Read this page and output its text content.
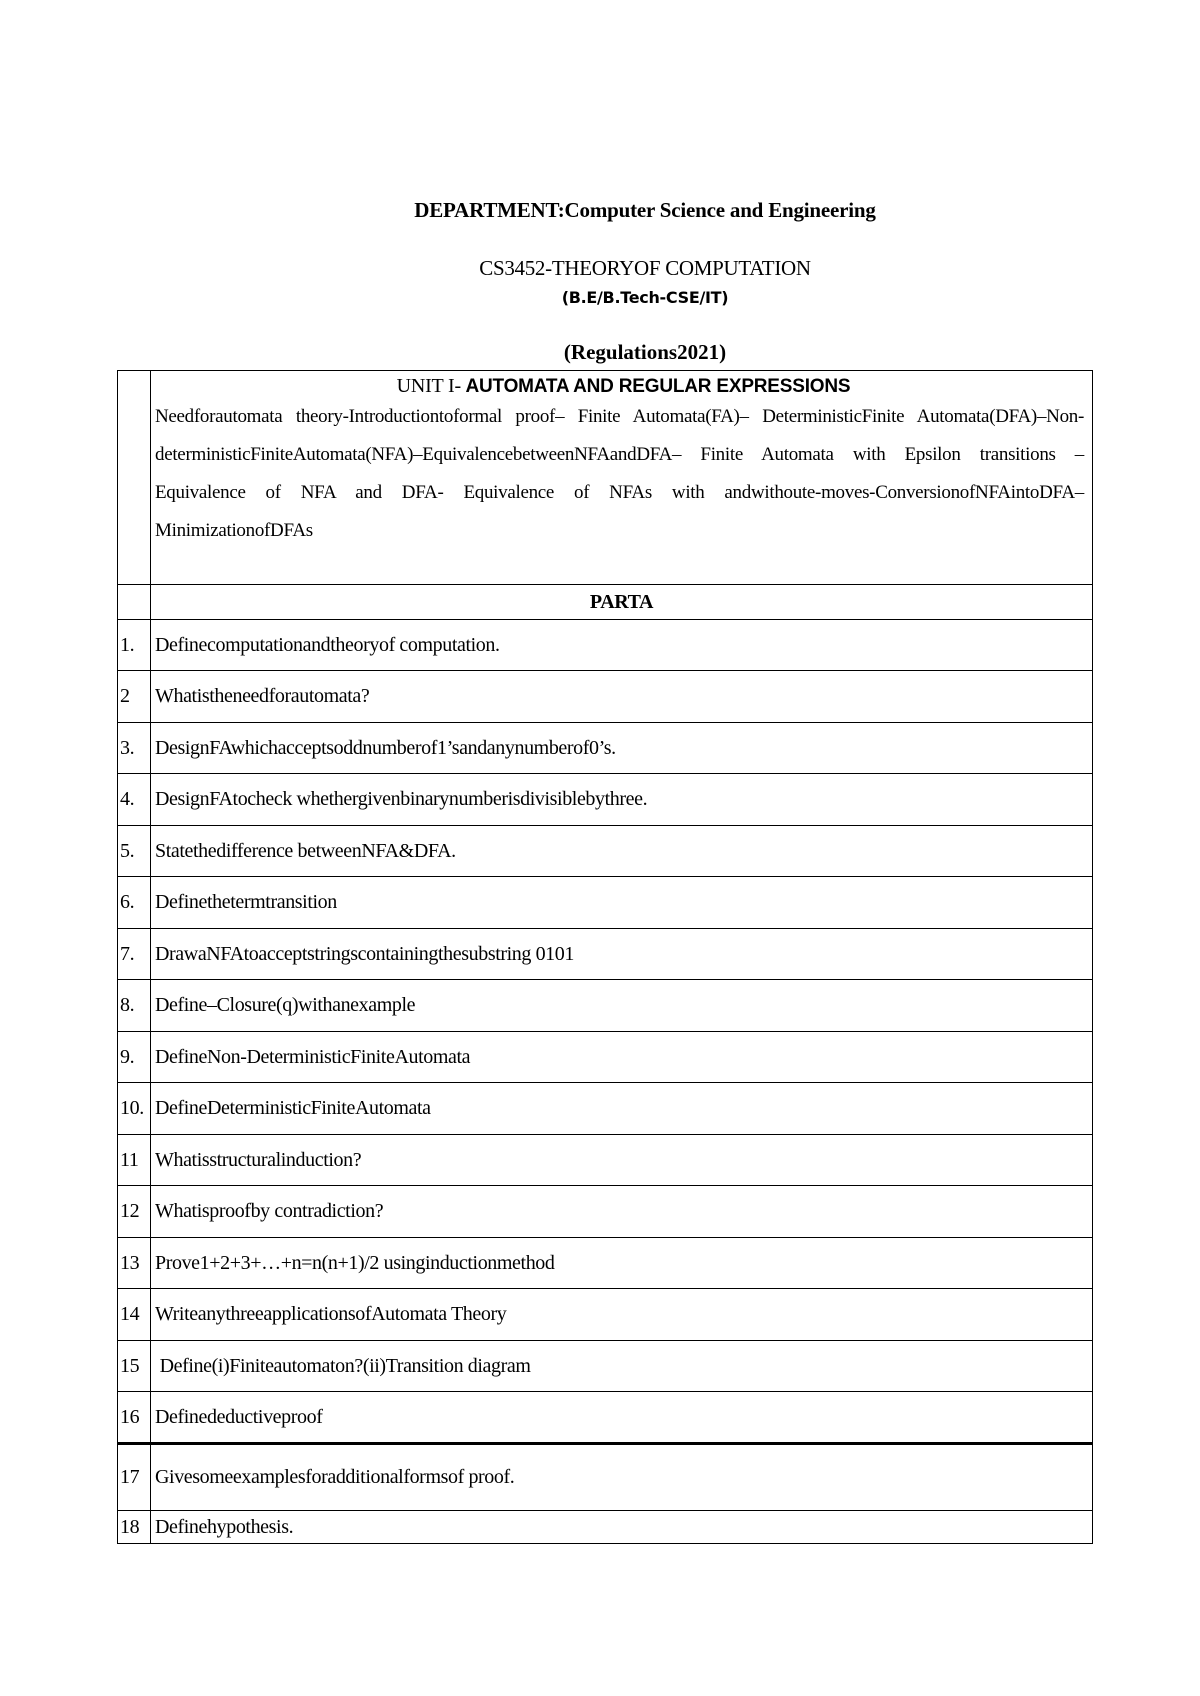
DEPARTMENT:Computer Science and Engineering
CS3452-THEORYOF COMPUTATION
(B.E/B.Tech-CSE/IT)
(Regulations2021)

	UNIT I- AUTOMATA AND REGULAR EXPRESSIONS
Needforautomata theory-Introductiontoformal proof– Finite Automata(FA)– DeterministicFinite Automata(DFA)–Non-deterministicFiniteAutomata(NFA)–EquivalencebetweenNFAandDFA– Finite Automata with Epsilon transitions – Equivalence of NFA and DFA- Equivalence of NFAs with andwithoute-moves-ConversionofNFAintoDFA–MinimizationofDFAs

	PARTA
1.	Definecomputationandtheoryof computation.
2	Whatistheneedforautomata?
3.	DesignFAwhichacceptsoddnumberof1’sandanynumberof0’s.
4.	DesignFAtocheck whethergivenbinarynumberisdivisiblebythree.
5.	Statethedifference betweenNFA&DFA.
6.	Definethetermtransition
7.	DrawaNFAtoacceptstringscontainingthesubstring 0101
8.	Define–Closure(q)withanexample
9.	DefineNon-DeterministicFiniteAutomata
10.	DefineDeterministicFiniteAutomata
11	Whatisstructuralinduction?
12	Whatisproofby contradiction?
13	Prove1+2+3+…+n=n(n+1)/2 usinginductionmethod
14	WriteanythreeapplicationsofAutomata Theory
15	Define(i)Finiteautomaton?(ii)Transition diagram
16	Definedeductiveproof
17	Givesomeexamplesforadditionalformsof proof.
18	Definehypothesis.
